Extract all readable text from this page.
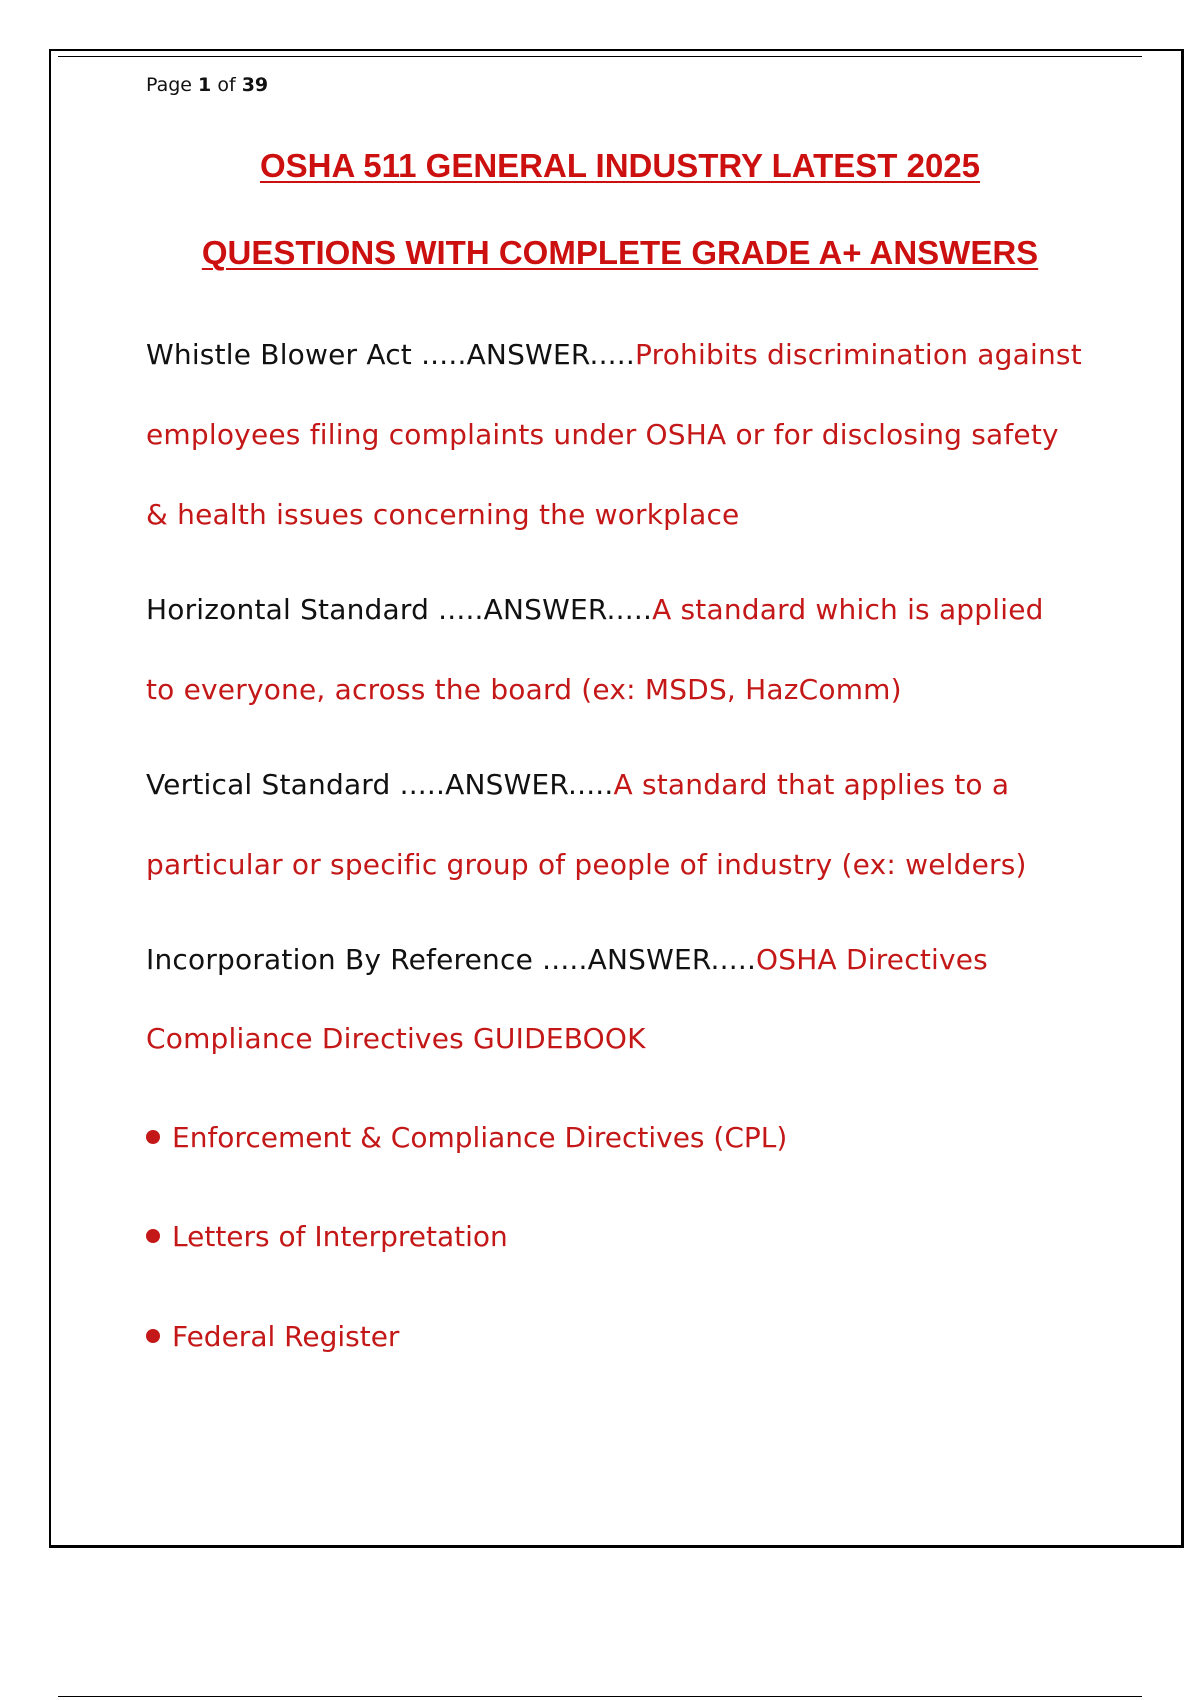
Page 1 of 39
OSHA 511 GENERAL INDUSTRY LATEST 2025
QUESTIONS WITH COMPLETE GRADE A+ ANSWERS
Whistle Blower Act .....ANSWER.....Prohibits discrimination against
employees filing complaints under OSHA or for disclosing safety
& health issues concerning the workplace
Horizontal Standard .....ANSWER.....A standard which is applied
to everyone, across the board (ex: MSDS, HazComm)
Vertical Standard .....ANSWER.....A standard that applies to a
particular or specific group of people of industry (ex: welders)
Incorporation By Reference .....ANSWER.....OSHA Directives
Compliance Directives GUIDEBOOK
Enforcement & Compliance Directives (CPL)
Letters of Interpretation
Federal Register
